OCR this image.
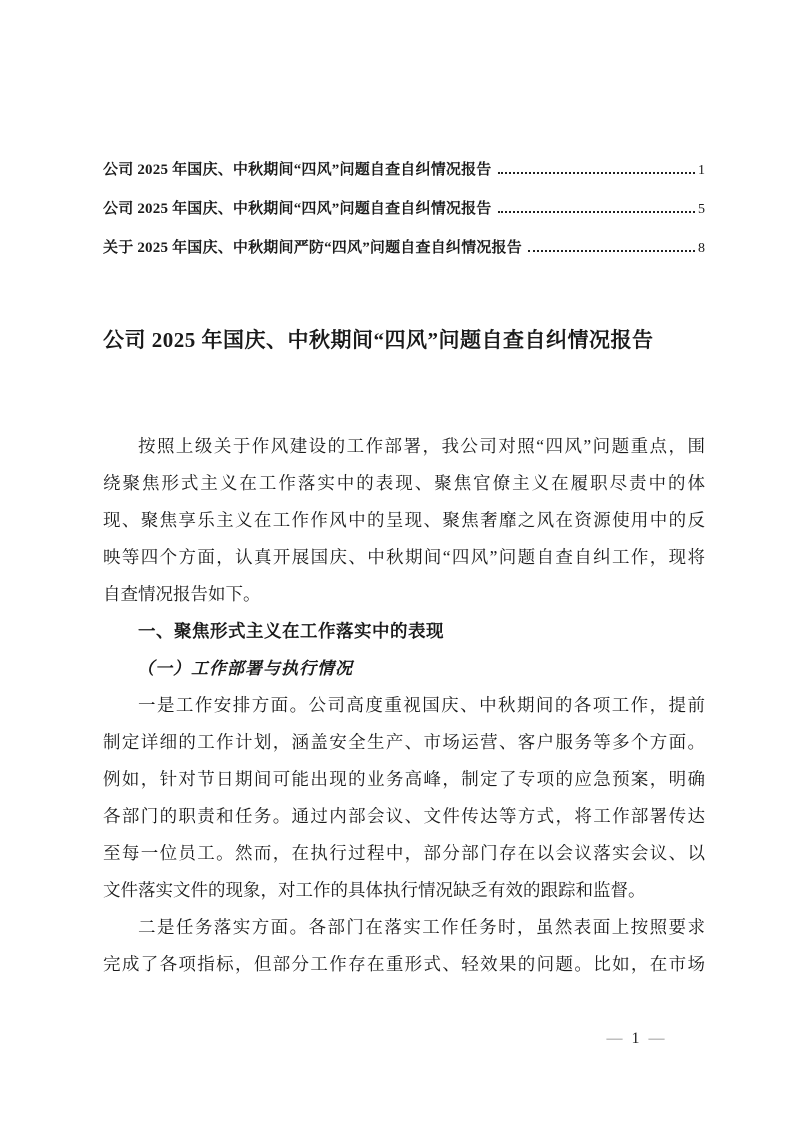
公司 2025 年国庆、中秋期间“四风”问题自查自纠情况报告	1
公司 2025 年国庆、中秋期间“四风”问题自查自纠情况报告	5
关于 2025 年国庆、中秋期间严防“四风”问题自查自纠情况报告	8
公司 2025 年国庆、中秋期间“四风”问题自查自纠情况报告
按照上级关于作风建设的工作部署，我公司对照“四风”问题重点，围
绕聚焦形式主义在工作落实中的表现、聚焦官僚主义在履职尽责中的体
现、聚焦享乐主义在工作作风中的呈现、聚焦奢靡之风在资源使用中的反
映等四个方面，认真开展国庆、中秋期间“四风”问题自查自纠工作，现将
自查情况报告如下。
一、聚焦形式主义在工作落实中的表现
（一）工作部署与执行情况
一是工作安排方面。公司高度重视国庆、中秋期间的各项工作，提前
制定详细的工作计划，涵盖安全生产、市场运营、客户服务等多个方面。
例如，针对节日期间可能出现的业务高峰，制定了专项的应急预案，明确
各部门的职责和任务。通过内部会议、文件传达等方式，将工作部署传达
至每一位员工。然而，在执行过程中，部分部门存在以会议落实会议、以
文件落实文件的现象，对工作的具体执行情况缺乏有效的跟踪和监督。
二是任务落实方面。各部门在落实工作任务时，虽然表面上按照要求
完成了各项指标，但部分工作存在重形式、轻效果的问题。比如，在市场
— 1 —
